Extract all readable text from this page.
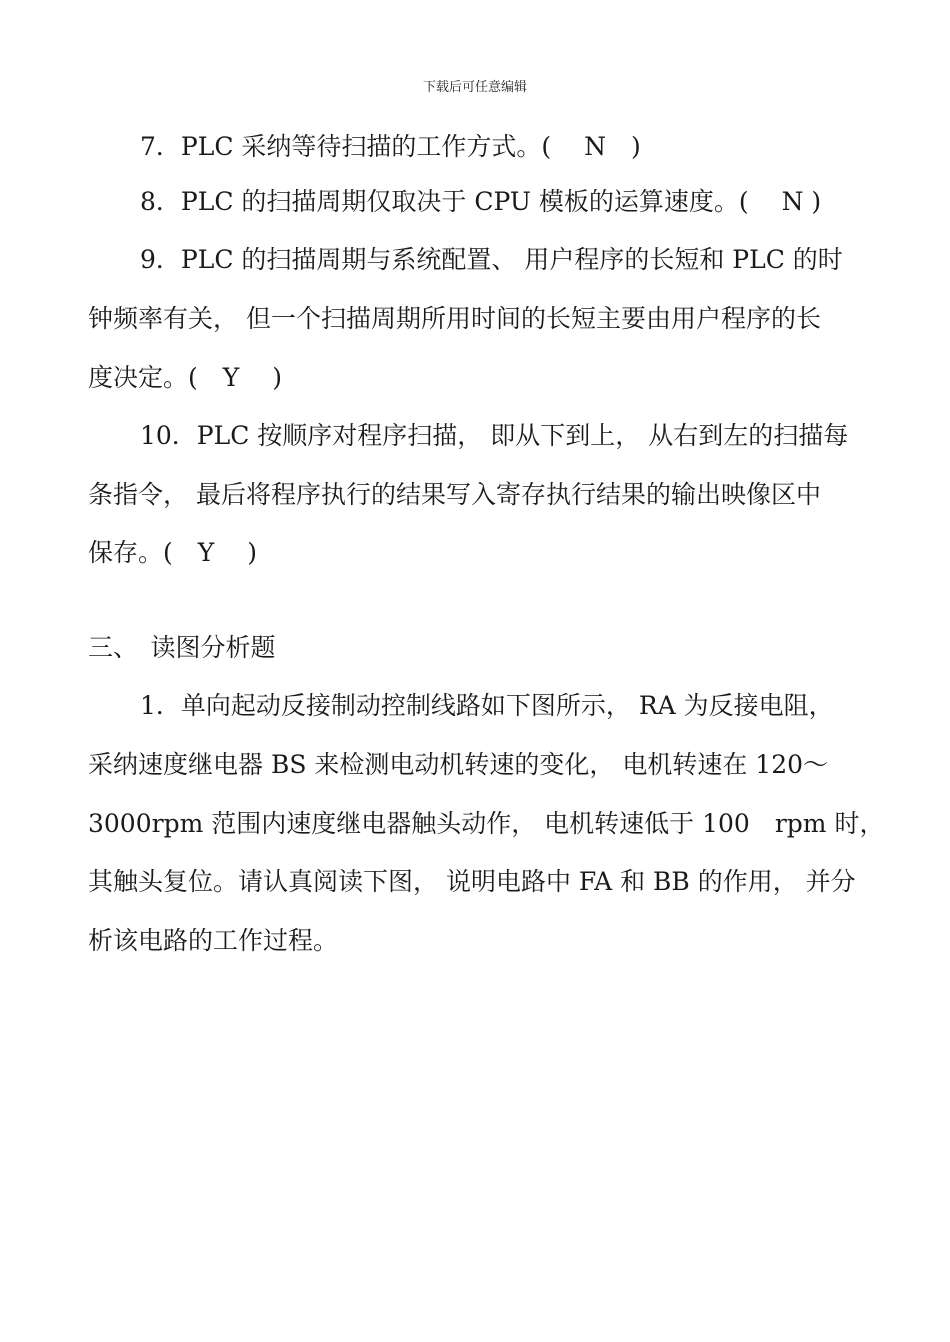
下载后可任意编辑
7．PLC 采纳等待扫描的工作方式。(　 N　)
8．PLC 的扫描周期仅取决于 CPU 模板的运算速度。(　 N )
9．PLC 的扫描周期与系统配置、 用户程序的长短和 PLC 的时
钟频率有关， 但一个扫描周期所用时间的长短主要由用户程序的长
度决定。(　Y　 )
10．PLC 按顺序对程序扫描， 即从下到上， 从右到左的扫描每
条指令， 最后将程序执行的结果写入寄存执行结果的输出映像区中
保存。(　Y　 )
三、　读图分析题
1．单向起动反接制动控制线路如下图所示， RA 为反接电阻，
采纳速度继电器 BS 来检测电动机转速的变化， 电机转速在 120～
3000rpm 范围内速度继电器触头动作， 电机转速低于 100　rpm 时，
其触头复位。请认真阅读下图， 说明电路中 FA 和 BB 的作用， 并分
析该电路的工作过程。
